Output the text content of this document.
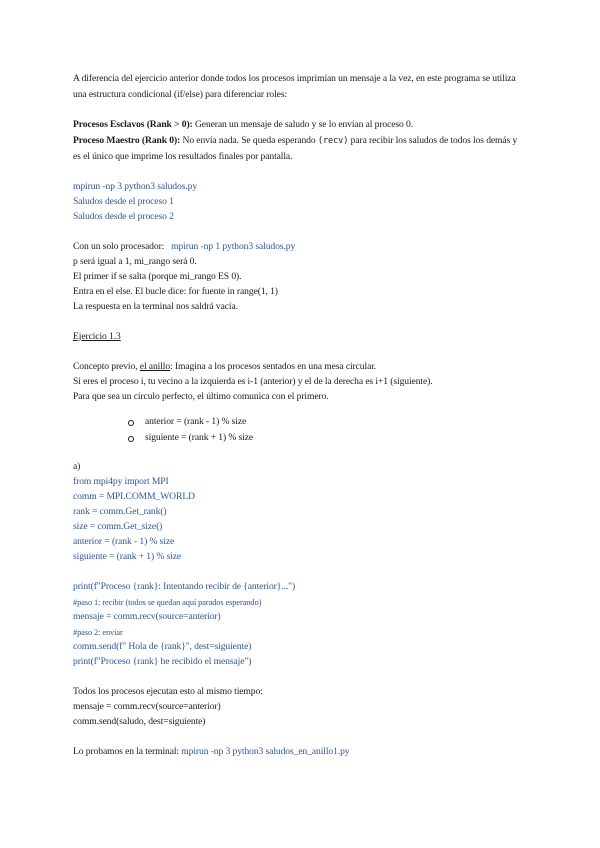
A diferencia del ejercicio anterior donde todos los procesos imprimían un mensaje a la vez, en este programa se utiliza
una estructura condicional (if/else) para diferenciar roles:
Procesos Esclavos (Rank > 0): Generan un mensaje de saludo y se lo envían al proceso 0.
Proceso Maestro (Rank 0): No envía nada. Se queda esperando (recv) para recibir los saludos de todos los demás y
es el único que imprime los resultados finales por pantalla.
mpirun -np 3 python3 saludos.py
Saludos desde el proceso 1
Saludos desde el proceso 2
Con un solo procesador:   mpirun -np 1 python3 saludos.py
p será igual a 1, mi_rango será 0.
El primer if se salta (porque mi_rango ES 0).
Entra en el else. El bucle dice: for fuente in range(1, 1)
La respuesta en la terminal nos saldrá vacía.
Ejercicio 1.3
Concepto previo, el anillo: Imagina a los procesos sentados en una mesa circular.
Si eres el proceso i, tu vecino a la izquierda es i-1 (anterior) y el de la derecha es i+1 (siguiente).
Para que sea un círculo perfecto, el último comunica con el primero.
anterior = (rank - 1) % size
siguiente = (rank + 1) % size
a)
from mpi4py import MPI
comm = MPI.COMM_WORLD
rank = comm.Get_rank()
size = comm.Get_size()
anterior = (rank - 1) % size
siguiente = (rank + 1) % size
print(f"Proceso {rank}: Intentando recibir de {anterior}...")
#paso 1: recibir (todos se quedan aquí parados esperando)
mensaje = comm.recv(source=anterior)
#paso 2: enviar
comm.send(f" Hola de {rank}", dest=siguiente)
print(f"Proceso {rank} he recibido el mensaje")
Todos los procesos ejecutan esto al mismo tiempo:
mensaje = comm.recv(source=anterior)
comm.send(saludo, dest=siguiente)
Lo probamos en la terminal: mpirun -np 3 python3 saludos_en_anillo1.py
